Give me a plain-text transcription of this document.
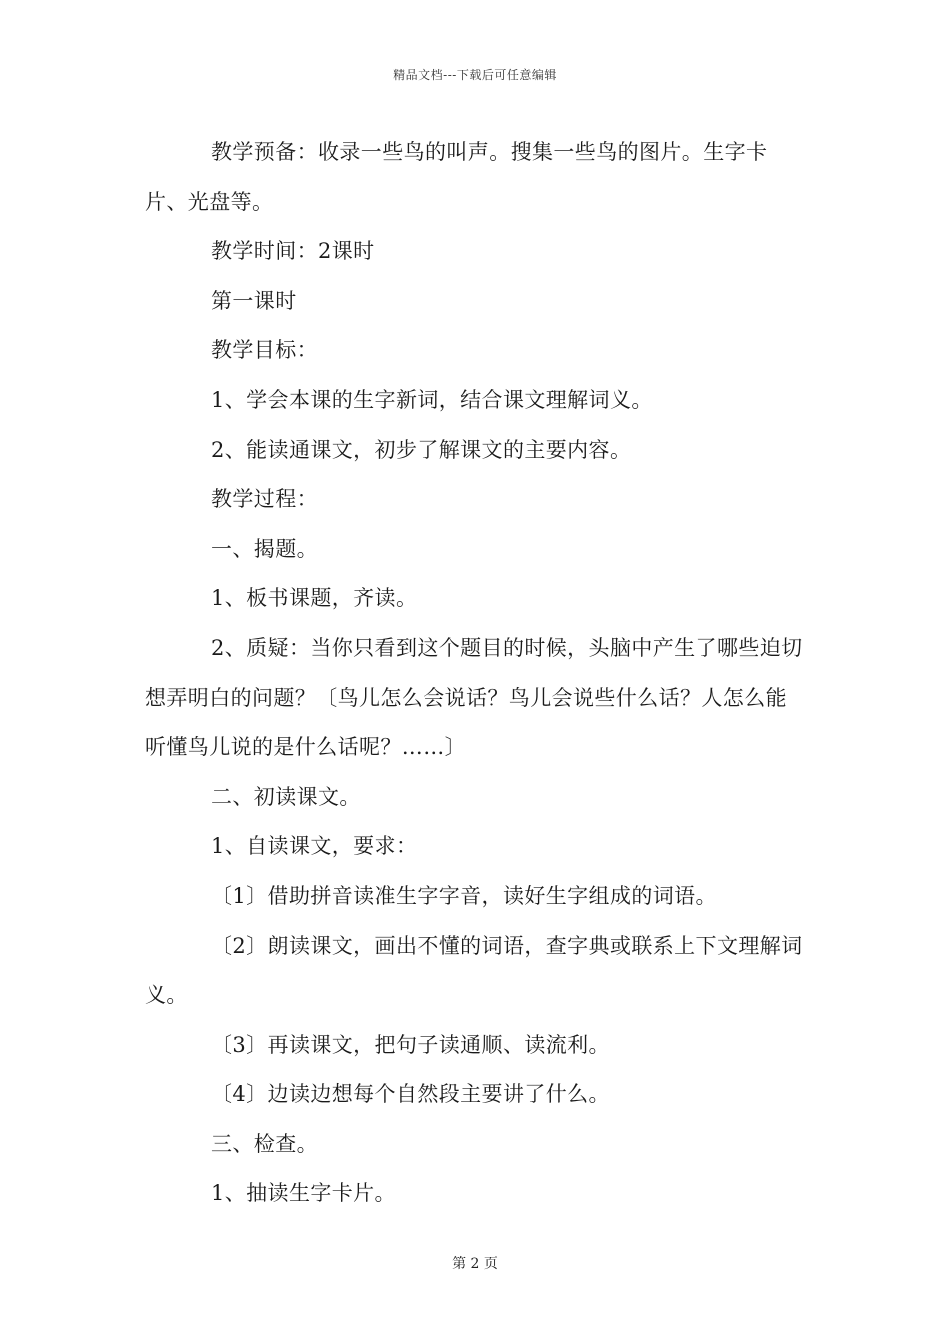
精品文档---下载后可任意编辑

教学预备：收录一些鸟的叫声。搜集一些鸟的图片。生字卡片、光盘等。

教学时间：2课时

第一课时

教学目标：

1、学会本课的生字新词，结合课文理解词义。

2、能读通课文，初步了解课文的主要内容。

教学过程：

一、揭题。

1、板书课题，齐读。

2、质疑：当你只看到这个题目的时候，头脑中产生了哪些迫切想弄明白的问题？〔鸟儿怎么会说话？鸟儿会说些什么话？人怎么能听懂鸟儿说的是什么话呢？……〕

二、初读课文。

1、自读课文，要求：

〔1〕借助拼音读准生字字音，读好生字组成的词语。

〔2〕朗读课文，画出不懂的词语，查字典或联系上下文理解词义。

〔3〕再读课文，把句子读通顺、读流利。

〔4〕边读边想每个自然段主要讲了什么。

三、检查。

1、抽读生字卡片。

第 2 页
